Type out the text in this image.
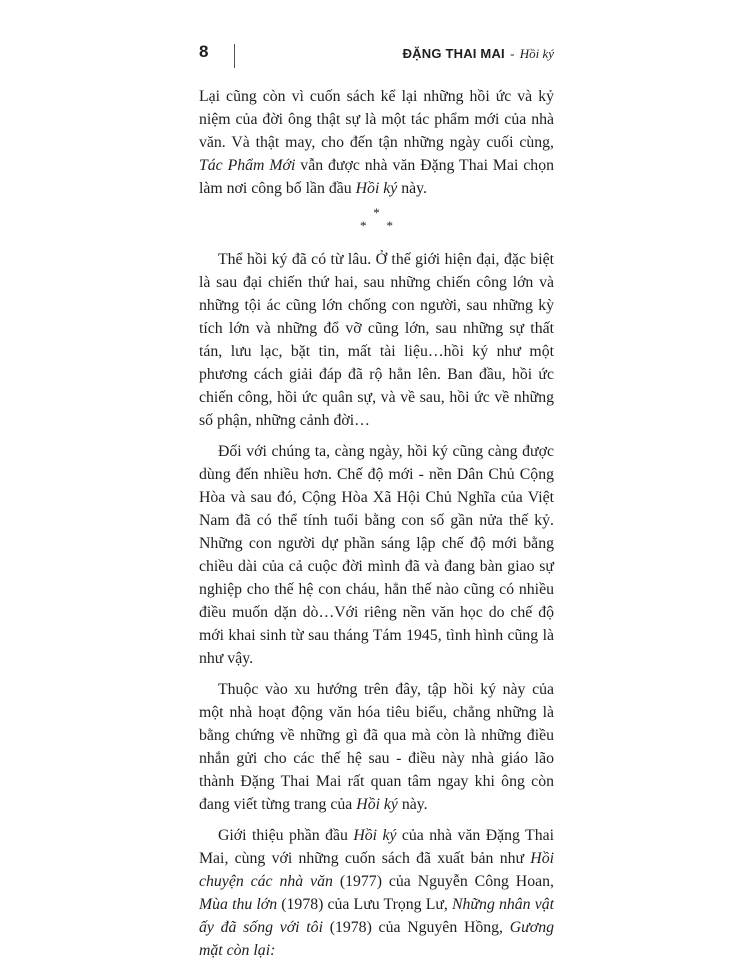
8	ĐẶNG THAI MAI - Hồi ký

Lại cũng còn vì cuốn sách kể lại những hồi ức và kỷ niệm của đời ông thật sự là một tác phẩm mới của nhà văn. Và thật may, cho đến tận những ngày cuối cùng, Tác Phẩm Mới vẫn được nhà văn Đặng Thai Mai chọn làm nơi công bố lần đầu Hồi ký này.

*
* *

Thể hồi ký đã có từ lâu. Ở thế giới hiện đại, đặc biệt là sau đại chiến thứ hai, sau những chiến công lớn và những tội ác cũng lớn chống con người, sau những kỳ tích lớn và những đổ vỡ cũng lớn, sau những sự thất tán, lưu lạc, bặt tin, mất tài liệu…hồi ký như một phương cách giải đáp đã rộ hẳn lên. Ban đầu, hồi ức chiến công, hồi ức quân sự, và về sau, hồi ức về những số phận, những cảnh đời…

Đối với chúng ta, càng ngày, hồi ký cũng càng được dùng đến nhiều hơn. Chế độ mới - nền Dân Chủ Cộng Hòa và sau đó, Cộng Hòa Xã Hội Chủ Nghĩa của Việt Nam đã có thể tính tuổi bằng con số gần nửa thế kỷ. Những con người dự phần sáng lập chế độ mới bằng chiều dài của cả cuộc đời mình đã và đang bàn giao sự nghiệp cho thế hệ con cháu, hẳn thế nào cũng có nhiều điều muốn dặn dò…Với riêng nền văn học do chế độ mới khai sinh từ sau tháng Tám 1945, tình hình cũng là như vậy.

Thuộc vào xu hướng trên đây, tập hồi ký này của một nhà hoạt động văn hóa tiêu biểu, chẳng những là bằng chứng về những gì đã qua mà còn là những điều nhắn gửi cho các thế hệ sau - điều này nhà giáo lão thành Đặng Thai Mai rất quan tâm ngay khi ông còn đang viết từng trang của Hồi ký này.

Giới thiệu phần đầu Hồi ký của nhà văn Đặng Thai Mai, cùng với những cuốn sách đã xuất bản như Hồi chuyện các nhà văn (1977) của Nguyễn Công Hoan, Mùa thu lớn (1978) của Lưu Trọng Lư, Những nhân vật ấy đã sống với tôi (1978) của Nguyên Hồng, Gương mặt còn lại:
